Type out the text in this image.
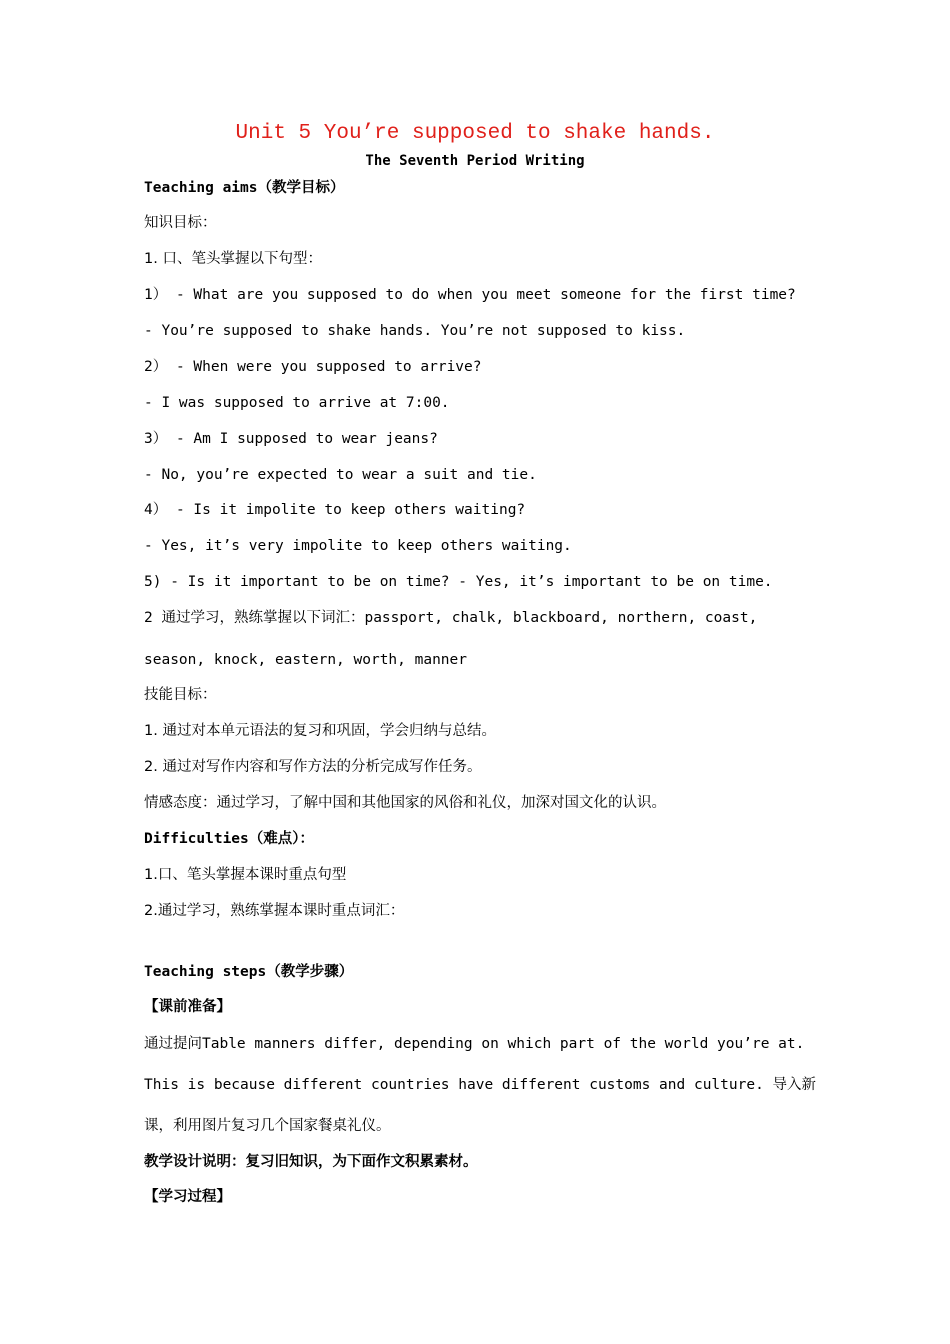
Unit 5 You’re supposed to shake hands.
The Seventh Period Writing
Teaching aims（教学目标）
知识目标：
1. 口、笔头掌握以下句型：
1） - What are you supposed to do when you meet someone for the first time?
- You’re supposed to shake hands. You’re not supposed to kiss.
2） - When were you supposed to arrive?
- I was supposed to arrive at 7:00.
3） - Am I supposed to wear jeans?
- No, you’re expected to wear a suit and tie.
4） - Is it impolite to keep others waiting?
- Yes, it’s very impolite to keep others waiting.
5) - Is it important to be on time? - Yes, it’s important to be on time.
2 通过学习，熟练掌握以下词汇：passport, chalk, blackboard, northern, coast,
season, knock, eastern, worth, manner
技能目标：
1. 通过对本单元语法的复习和巩固，学会归纳与总结。
2. 通过对写作内容和写作方法的分析完成写作任务。
情感态度：通过学习，了解中国和其他国家的风俗和礼仪，加深对国文化的认识。
Difficulties（难点）：
1.口、笔头掌握本课时重点句型
2.通过学习，熟练掌握本课时重点词汇：
Teaching steps（教学步骤）
【课前准备】
通过提问Table manners differ, depending on which part of the world you’re at.
This is because different countries have different customs and culture. 导入新
课，利用图片复习几个国家餐桌礼仪。
教学设计说明：复习旧知识，为下面作文积累素材。
【学习过程】
